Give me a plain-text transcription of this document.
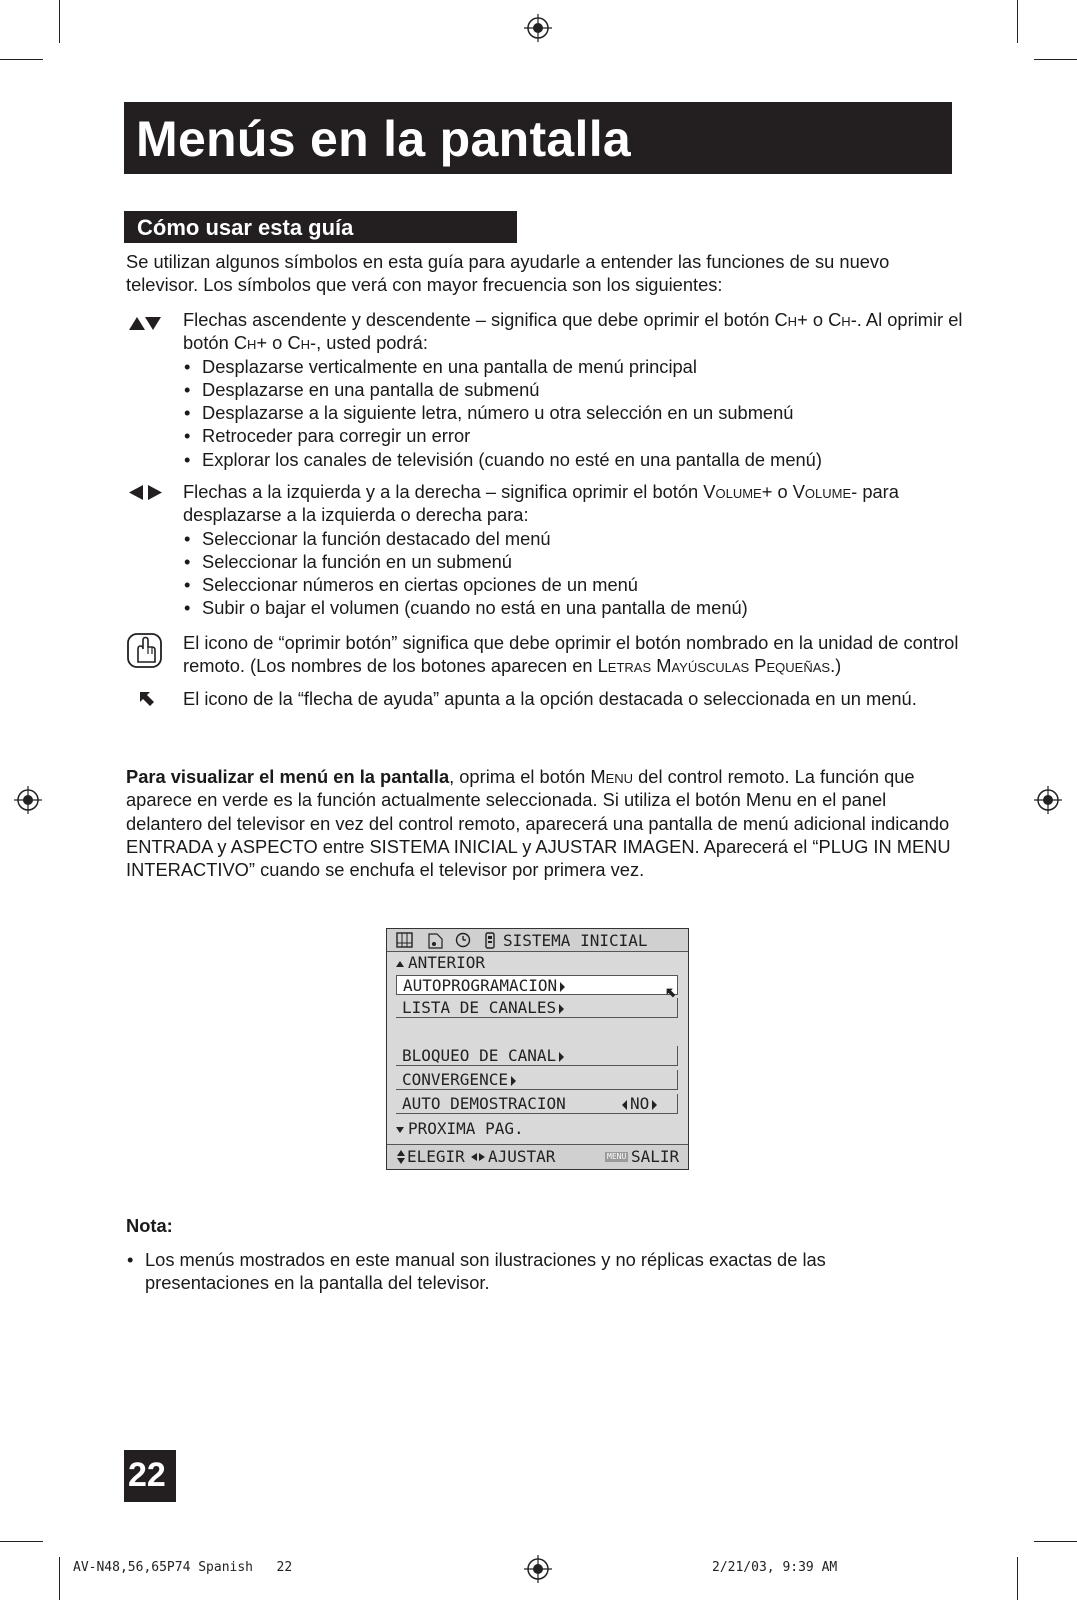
Menús en la pantalla
Cómo usar esta guía
Se utilizan algunos símbolos en esta guía para ayudarle a entender las funciones de su nuevo televisor. Los símbolos que verá con mayor frecuencia son los siguientes:
Flechas ascendente y descendente – significa que debe oprimir el botón Ch+ o Ch-. Al oprimir el botón Ch+ o Ch-, usted podrá:
• Desplazarse verticalmente en una pantalla de menú principal
• Desplazarse en una pantalla de submenú
• Desplazarse a la siguiente letra, número u otra selección en un submenú
• Retroceder para corregir un error
• Explorar los canales de televisión (cuando no esté en una pantalla de menú)
Flechas a la izquierda y a la derecha – significa oprimir el botón Volume+ o Volume- para desplazarse a la izquierda o derecha para:
• Seleccionar la función destacado del menú
• Seleccionar la función en un submenú
• Seleccionar números en ciertas opciones de un menú
• Subir o bajar el volumen (cuando no está en una pantalla de menú)
El icono de “oprimir botón” significa que debe oprimir el botón nombrado en la unidad de control remoto. (Los nombres de los botones aparecen en Letras Mayúsculas Pequeñas.)
El icono de la “flecha de ayuda” apunta a la opción destacada o seleccionada en un menú.
Para visualizar el menú en la pantalla, oprima el botón Menu del control remoto. La función que aparece en verde es la función actualmente seleccionada. Si utiliza el botón Menu en el panel delantero del televisor en vez del control remoto, aparecerá una pantalla de menú adicional indicando ENTRADA y ASPECTO entre SISTEMA INICIAL y AJUSTAR IMAGEN. Aparecerá el “PLUG IN MENU INTERACTIVO” cuando se enchufa el televisor por primera vez.
SISTEMA INICIAL
ANTERIOR
AUTOPROGRAMACION
LISTA DE CANALES
BLOQUEO DE CANAL
CONVERGENCE
AUTO DEMOSTRACION	NO
PROXIMA PAG.
ELEGIR AJUSTAR	MENU SALIR
Nota:
• Los menús mostrados en este manual son ilustraciones y no réplicas exactas de las presentaciones en la pantalla del televisor.
22
AV-N48,56,65P74 Spanish   22	2/21/03, 9:39 AM
